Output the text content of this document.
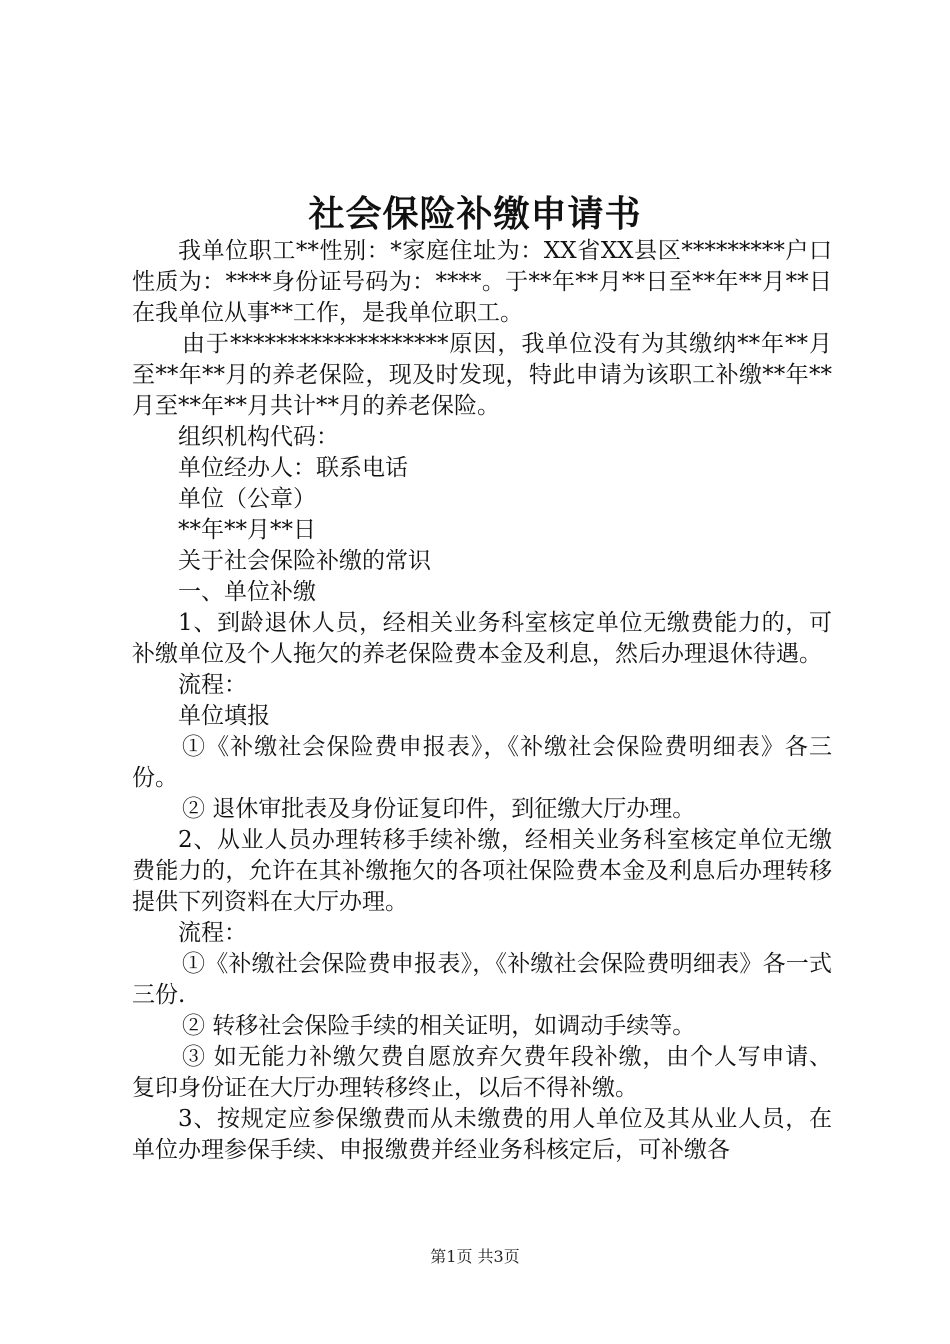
社会保险补缴申请书

我单位职工**性别：*家庭住址为：XX省XX县区*********户口性质为：****身份证号码为：****。于**年**月**日至**年**月**日在我单位从事**工作，是我单位职工。

由于*******************原因，我单位没有为其缴纳**年**月至**年**月的养老保险，现及时发现，特此申请为该职工补缴**年**月至**年**月共计**月的养老保险。

组织机构代码：

单位经办人：联系电话

单位（公章）

**年**月**日

关于社会保险补缴的常识

一、单位补缴

1、到龄退休人员，经相关业务科室核定单位无缴费能力的，可补缴单位及个人拖欠的养老保险费本金及利息，然后办理退休待遇。

流程：

单位填报

①《补缴社会保险费申报表》，《补缴社会保险费明细表》各三份。

② 退休审批表及身份证复印件，到征缴大厅办理。

2、从业人员办理转移手续补缴，经相关业务科室核定单位无缴费能力的，允许在其补缴拖欠的各项社保险费本金及利息后办理转移提供下列资料在大厅办理。

流程：

①《补缴社会保险费申报表》，《补缴社会保险费明细表》各一式三份.

② 转移社会保险手续的相关证明，如调动手续等。

③ 如无能力补缴欠费自愿放弃欠费年段补缴，由个人写申请、复印身份证在大厅办理转移终止，以后不得补缴。

3、按规定应参保缴费而从未缴费的用人单位及其从业人员，在单位办理参保手续、申报缴费并经业务科核定后，可补缴各

第1页 共3页
